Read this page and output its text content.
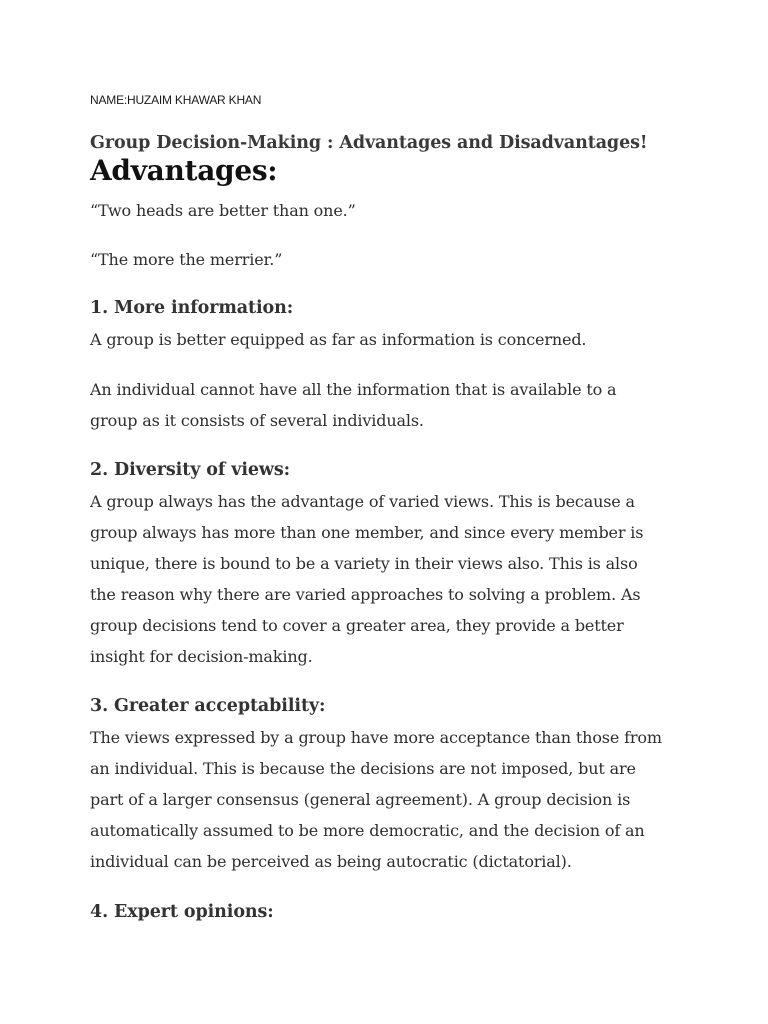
NAME:HUZAIM KHAWAR KHAN
Group Decision-Making : Advantages and Disadvantages!
Advantages:
“Two heads are better than one.”
“The more the merrier.”
1. More information:
A group is better equipped as far as information is concerned.
An individual cannot have all the information that is available to a
group as it consists of several individuals.
2. Diversity of views:
A group always has the advantage of varied views. This is because a
group always has more than one member, and since every member is
unique, there is bound to be a variety in their views also. This is also
the reason why there are varied approaches to solving a problem. As
group decisions tend to cover a greater area, they provide a better
insight for decision-making.
3. Greater acceptability:
The views expressed by a group have more acceptance than those from
an individual. This is because the decisions are not imposed, but are
part of a larger consensus (general agreement). A group decision is
automatically assumed to be more democratic, and the decision of an
individual can be perceived as being autocratic (dictatorial).
4. Expert opinions:
